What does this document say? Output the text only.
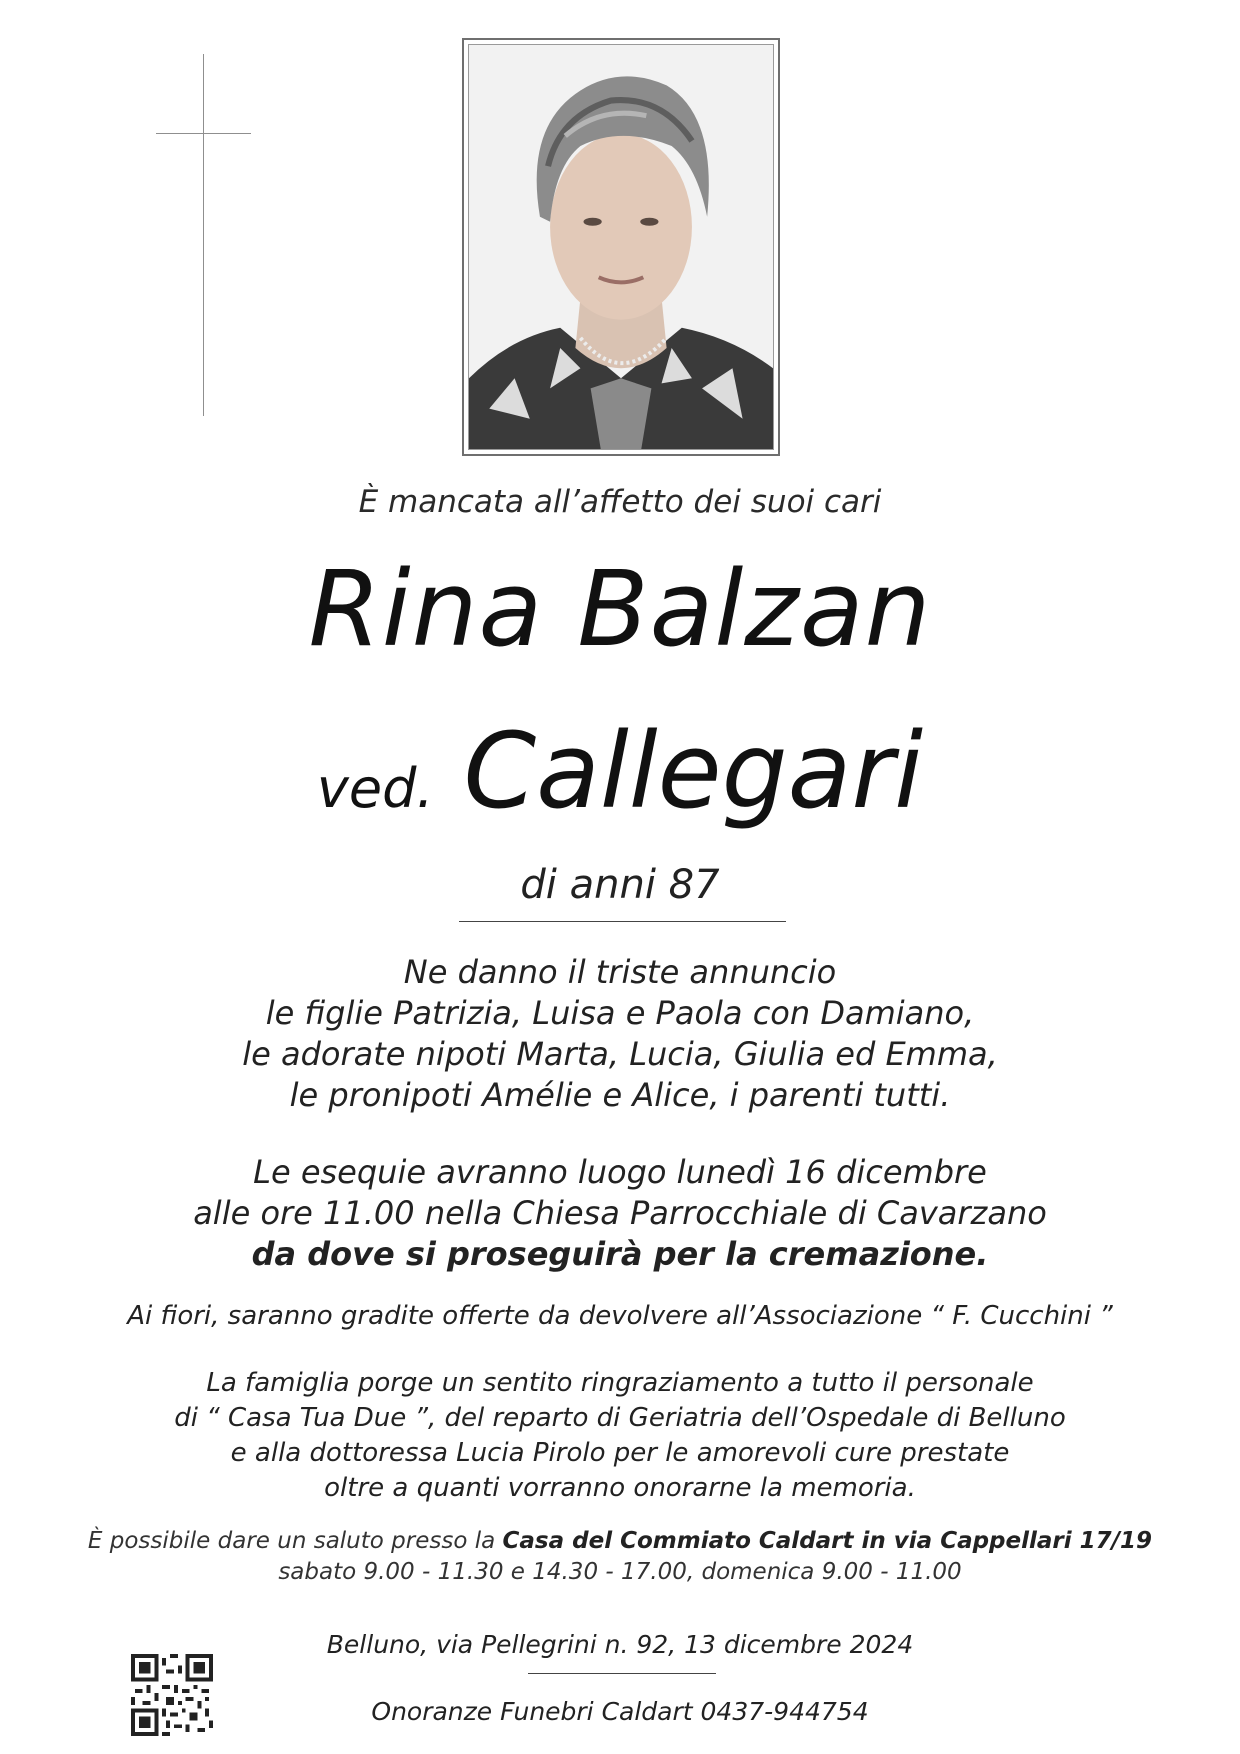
È mancata all’affetto dei suoi cari
Rina Balzan
ved. Callegari
di anni 87
Ne danno il triste annuncio
le figlie Patrizia, Luisa e Paola con Damiano,
le adorate nipoti Marta, Lucia, Giulia ed Emma,
le pronipoti Amélie e Alice, i parenti tutti.
Le esequie avranno luogo lunedì 16 dicembre
alle ore 11.00 nella Chiesa Parrocchiale di Cavarzano
da dove si proseguirà per la cremazione.
Ai fiori, saranno gradite offerte da devolvere all’Associazione “ F. Cucchini ”
La famiglia porge un sentito ringraziamento a tutto il personale
di “ Casa Tua Due ”, del reparto di Geriatria dell’Ospedale di Belluno
e alla dottoressa Lucia Pirolo per le amorevoli cure prestate
oltre a quanti vorranno onorarne la memoria.
È possibile dare un saluto presso la Casa del Commiato Caldart in via Cappellari 17/19
sabato 9.00 - 11.30 e 14.30 - 17.00, domenica 9.00 - 11.00
Belluno, via Pellegrini n. 92, 13 dicembre 2024
Onoranze Funebri Caldart 0437-944754
